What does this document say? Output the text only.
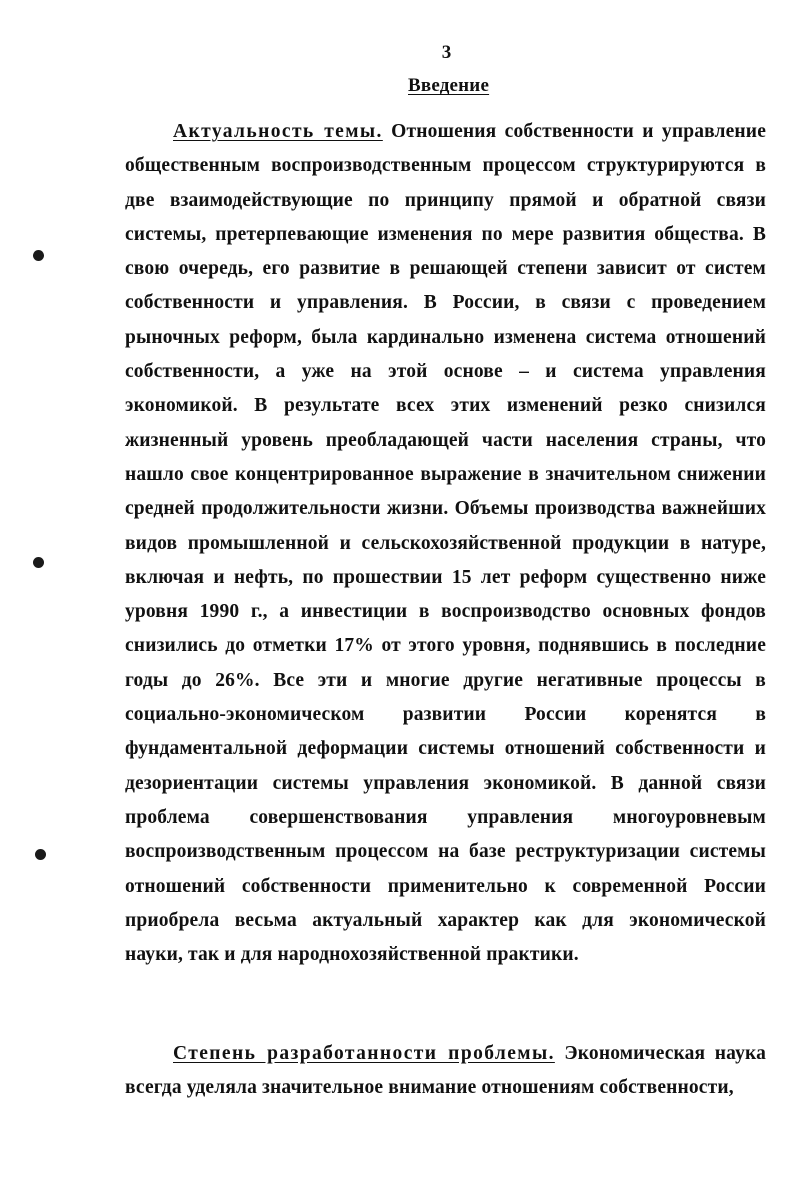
3
Введение

Актуальность темы. Отношения собственности и управление общественным воспроизводственным процессом структурируются в две взаимодействующие по принципу прямой и обратной связи системы, претерпевающие изменения по мере развития общества. В свою очередь, его развитие в решающей степени зависит от систем собственности и управления. В России, в связи с проведением рыночных реформ, была кардинально изменена система отношений собственности, а уже на этой основе – и система управления экономикой. В результате всех этих изменений резко снизился жизненный уровень преобладающей части населения страны, что нашло свое концентрированное выражение в значительном снижении средней продолжительности жизни. Объемы производства важнейших видов промышленной и сельскохозяйственной продукции в натуре, включая и нефть, по прошествии 15 лет реформ существенно ниже уровня 1990 г., а инвестиции в воспроизводство основных фондов снизились до отметки 17% от этого уровня, поднявшись в последние годы до 26%. Все эти и многие другие негативные процессы в социально-экономическом развитии России коренятся в фундаментальной деформации системы отношений собственности и дезориентации системы управления экономикой. В данной связи проблема совершенствования управления многоуровневым воспроизводственным процессом на базе реструктуризации системы отношений собственности применительно к современной России приобрела весьма актуальный характер как для экономической науки, так и для народнохозяйственной практики.

Степень разработанности проблемы. Экономическая наука всегда уделяла значительное внимание отношениям собственности,
